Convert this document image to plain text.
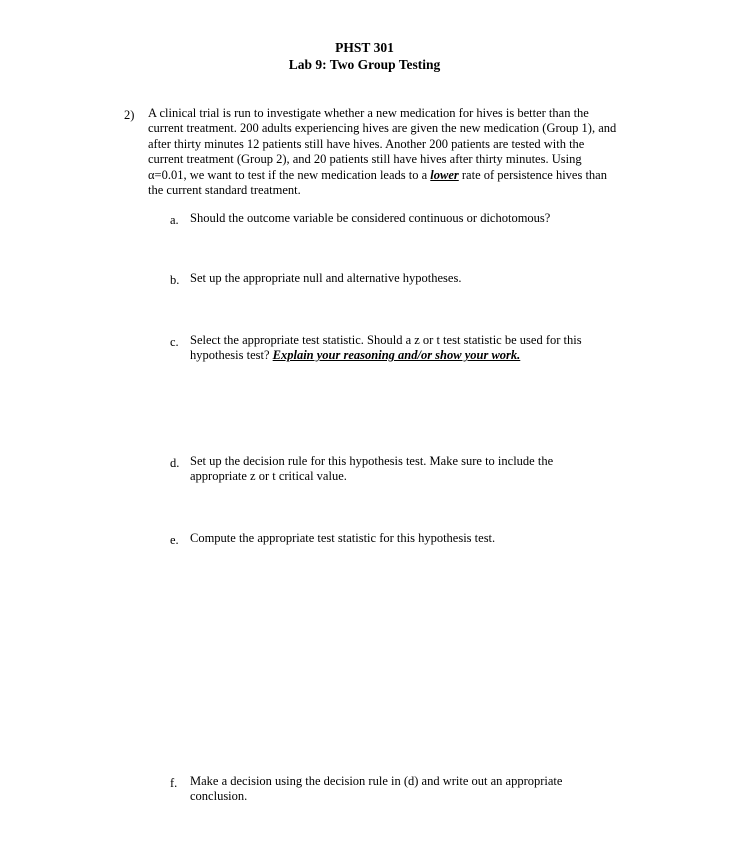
PHST 301
Lab 9: Two Group Testing
2) A clinical trial is run to investigate whether a new medication for hives is better than the current treatment. 200 adults experiencing hives are given the new medication (Group 1), and after thirty minutes 12 patients still have hives. Another 200 patients are tested with the current treatment (Group 2), and 20 patients still have hives after thirty minutes. Using α=0.01, we want to test if the new medication leads to a lower rate of persistence hives than the current standard treatment.
a. Should the outcome variable be considered continuous or dichotomous?
b. Set up the appropriate null and alternative hypotheses.
c. Select the appropriate test statistic. Should a z or t test statistic be used for this hypothesis test? Explain your reasoning and/or show your work.
d. Set up the decision rule for this hypothesis test. Make sure to include the appropriate z or t critical value.
e. Compute the appropriate test statistic for this hypothesis test.
f. Make a decision using the decision rule in (d) and write out an appropriate conclusion.
